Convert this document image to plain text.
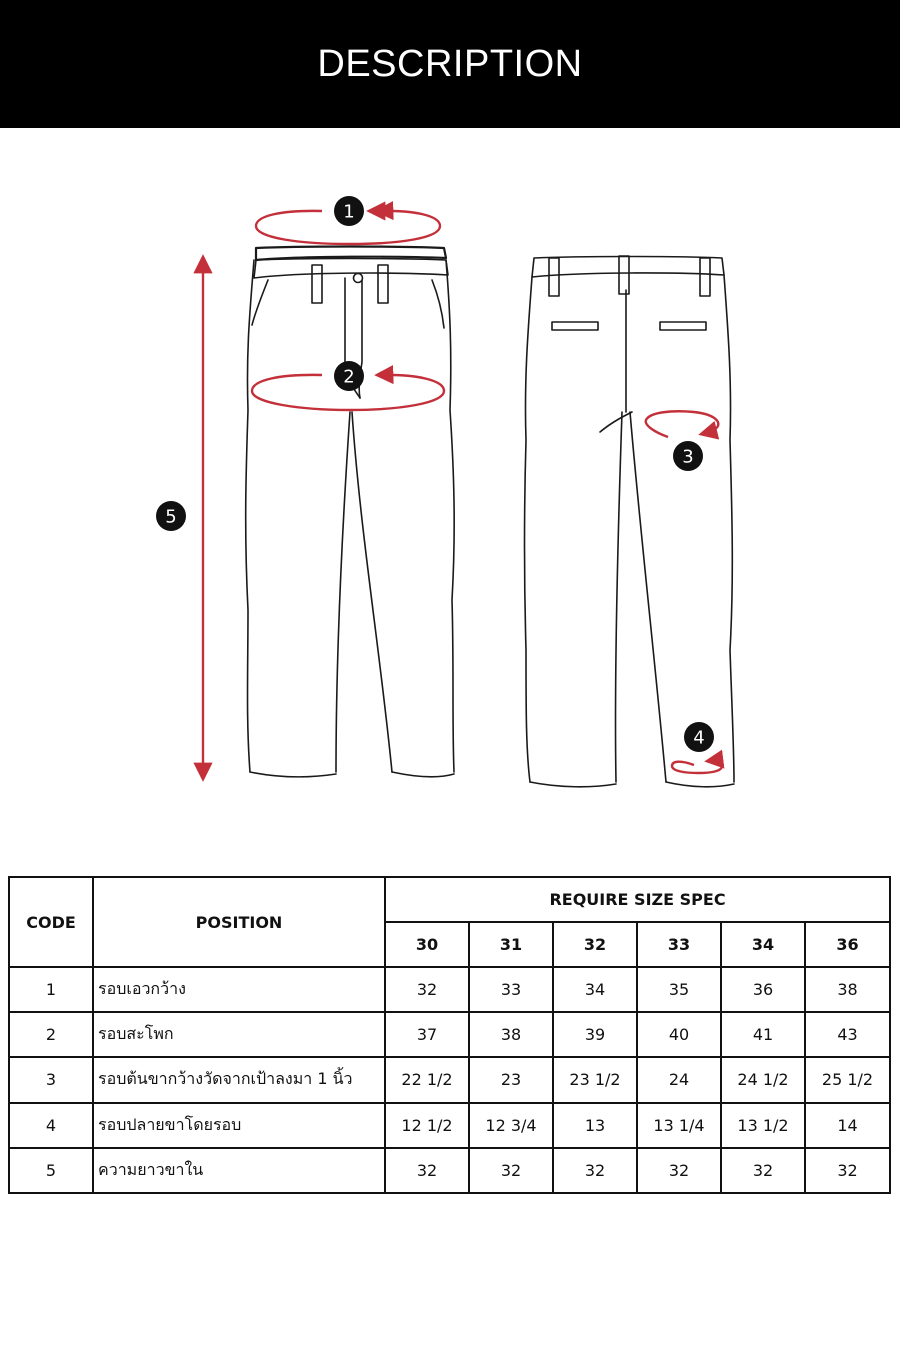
DESCRIPTION
1
2
3
4
5
CODE	POSITION	REQUIRE SIZE SPEC					
		30	31	32	33	34	36
1	รอบเอวกว้าง	32	33	34	35	36	38
2	รอบสะโพก	37	38	39	40	41	43
3	รอบต้นขากว้างวัดจากเป้าลงมา 1 นิ้ว	22 1/2	23	23 1/2	24	24 1/2	25 1/2
4	รอบปลายขาโดยรอบ	12 1/2	12 3/4	13	13 1/4	13 1/2	14
5	ความยาวขาใน	32	32	32	32	32	32
